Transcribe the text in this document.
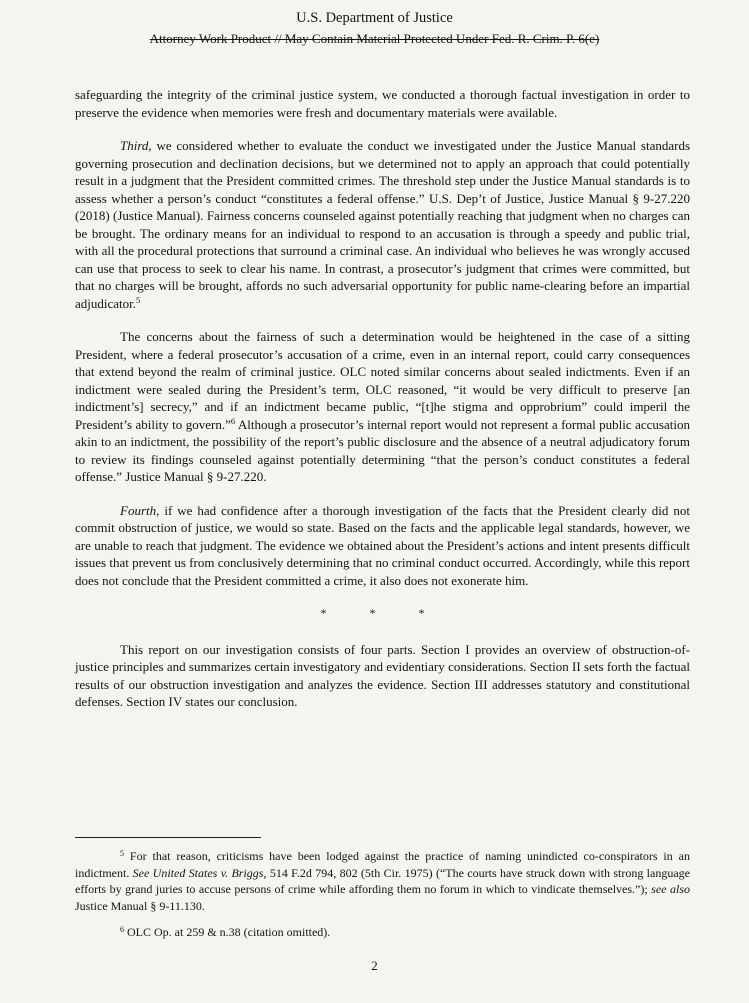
U.S. Department of Justice
Attorney Work Product // May Contain Material Protected Under Fed. R. Crim. P. 6(e)

safeguarding the integrity of the criminal justice system, we conducted a thorough factual investigation in order to preserve the evidence when memories were fresh and documentary materials were available.

Third, we considered whether to evaluate the conduct we investigated under the Justice Manual standards governing prosecution and declination decisions, but we determined not to apply an approach that could potentially result in a judgment that the President committed crimes. The threshold step under the Justice Manual standards is to assess whether a person’s conduct “constitutes a federal offense.” U.S. Dep’t of Justice, Justice Manual § 9-27.220 (2018) (Justice Manual). Fairness concerns counseled against potentially reaching that judgment when no charges can be brought. The ordinary means for an individual to respond to an accusation is through a speedy and public trial, with all the procedural protections that surround a criminal case. An individual who believes he was wrongly accused can use that process to seek to clear his name. In contrast, a prosecutor’s judgment that crimes were committed, but that no charges will be brought, affords no such adversarial opportunity for public name-clearing before an impartial adjudicator.$^5$

The concerns about the fairness of such a determination would be heightened in the case of a sitting President, where a federal prosecutor’s accusation of a crime, even in an internal report, could carry consequences that extend beyond the realm of criminal justice. OLC noted similar concerns about sealed indictments. Even if an indictment were sealed during the President’s term, OLC reasoned, “it would be very difficult to preserve [an indictment’s] secrecy,” and if an indictment became public, “[t]he stigma and opprobrium” could imperil the President’s ability to govern.”$^6$ Although a prosecutor’s internal report would not represent a formal public accusation akin to an indictment, the possibility of the report’s public disclosure and the absence of a neutral adjudicatory forum to review its findings counseled against potentially determining “that the person’s conduct constitutes a federal offense.” Justice Manual § 9-27.220.

Fourth, if we had confidence after a thorough investigation of the facts that the President clearly did not commit obstruction of justice, we would so state. Based on the facts and the applicable legal standards, however, we are unable to reach that judgment. The evidence we obtained about the President’s actions and intent presents difficult issues that prevent us from conclusively determining that no criminal conduct occurred. Accordingly, while this report does not conclude that the President committed a crime, it also does not exonerate him.

* * *

This report on our investigation consists of four parts. Section I provides an overview of obstruction-of-justice principles and summarizes certain investigatory and evidentiary considerations. Section II sets forth the factual results of our obstruction investigation and analyzes the evidence. Section III addresses statutory and constitutional defenses. Section IV states our conclusion.

$^5$ For that reason, criticisms have been lodged against the practice of naming unindicted co-conspirators in an indictment. See United States v. Briggs, 514 F.2d 794, 802 (5th Cir. 1975) (“The courts have struck down with strong language efforts by grand juries to accuse persons of crime while affording them no forum in which to vindicate themselves.”); see also Justice Manual § 9-11.130.

$^6$ OLC Op. at 259 & n.38 (citation omitted).

2
